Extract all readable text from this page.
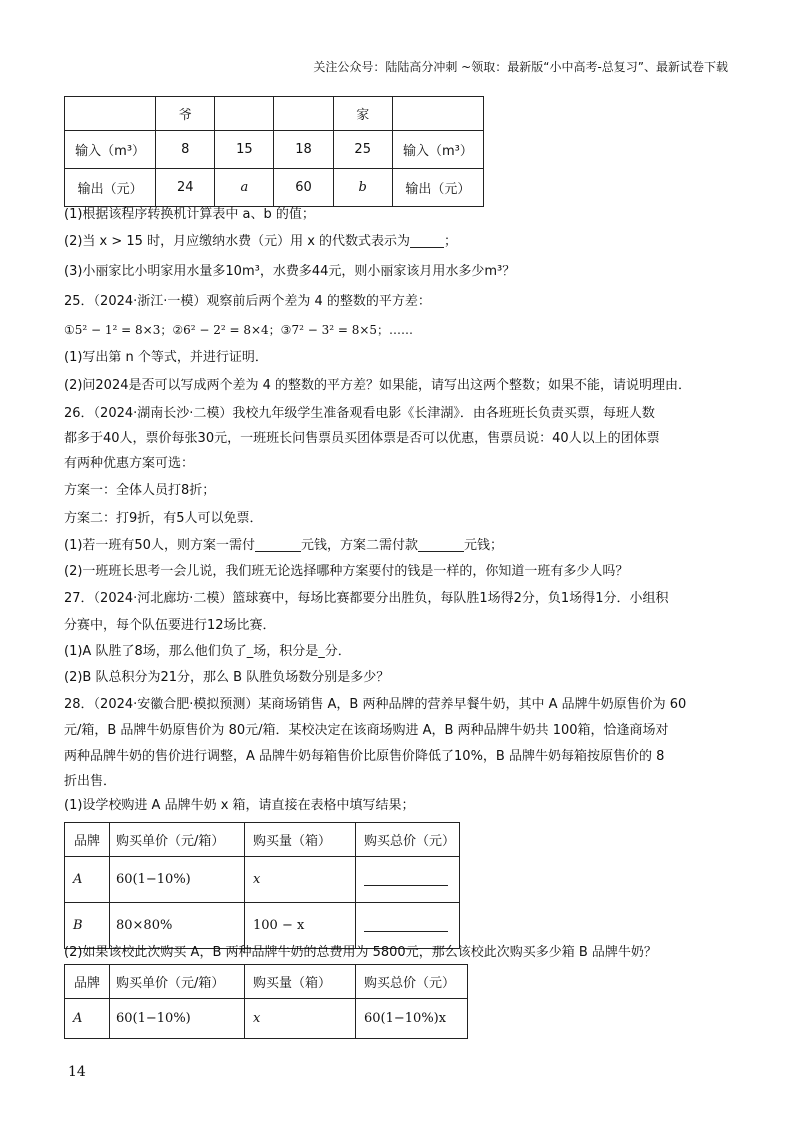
关注公众号：陆陆高分冲刺 ~领取：最新版“小中高考-总复习”、最新试卷下载
	爷			家	
输入（m³）	8	15	18	25	输入（m³）
输出（元）	24	a	60	b	输出（元）
(1)根据该程序转换机计算表中 a、b 的值；
(2)当 x > 15 时，月应缴纳水费（元）用 x 的代数式表示为	；
(3)小丽家比小明家用水量多10m³，水费多44元，则小丽家该月用水多少m³？
25．（2024·浙江·一模）观察前后两个差为 4 的整数的平方差：
①5² − 1² = 8×3；②6² − 2² = 8×4；③7² − 3² = 8×5；……
(1)写出第 n 个等式，并进行证明．
(2)问2024是否可以写成两个差为 4 的整数的平方差？如果能，请写出这两个整数；如果不能，请说明理由．
26．（2024·湖南长沙·二模）我校九年级学生准备观看电影《长津湖》．由各班班长负责买票，每班人数
都多于40人，票价每张30元，一班班长问售票员买团体票是否可以优惠，售票员说：40人以上的团体票
有两种优惠方案可选：
方案一：全体人员打8折；
方案二：打9折，有5人可以免票．
(1)若一班有50人，则方案一需付	元钱，方案二需付款	元钱；
(2)一班班长思考一会儿说，我们班无论选择哪种方案要付的钱是一样的，你知道一班有多少人吗？
27．（2024·河北廊坊·二模）篮球赛中，每场比赛都要分出胜负，每队胜1场得2分，负1场得1分．小组积
分赛中，每个队伍要进行12场比赛．
(1)A 队胜了8场，那么他们负了_场，积分是_分．
(2)B 队总积分为21分，那么 B 队胜负场数分别是多少？
28．（2024·安徽合肥·模拟预测）某商场销售 A，B 两种品牌的营养早餐牛奶，其中 A 品牌牛奶原售价为 60
元/箱，B 品牌牛奶原售价为 80元/箱．某校决定在该商场购进 A，B 两种品牌牛奶共 100箱，恰逢商场对
两种品牌牛奶的售价进行调整，A 品牌牛奶每箱售价比原售价降低了10%，B 品牌牛奶每箱按原售价的 8
折出售．
(1)设学校购进 A 品牌牛奶 x 箱，请直接在表格中填写结果；
品牌	购买单价（元/箱）	购买量（箱）	购买总价（元）
A	60(1−10%)	x	
B	80×80%	100 − x	
(2)如果该校此次购买 A，B 两种品牌牛奶的总费用为 5800元，那么该校此次购买多少箱 B 品牌牛奶？
品牌	购买单价（元/箱）	购买量（箱）	购买总价（元）
A	60(1−10%)	x	60(1−10%)x
14
